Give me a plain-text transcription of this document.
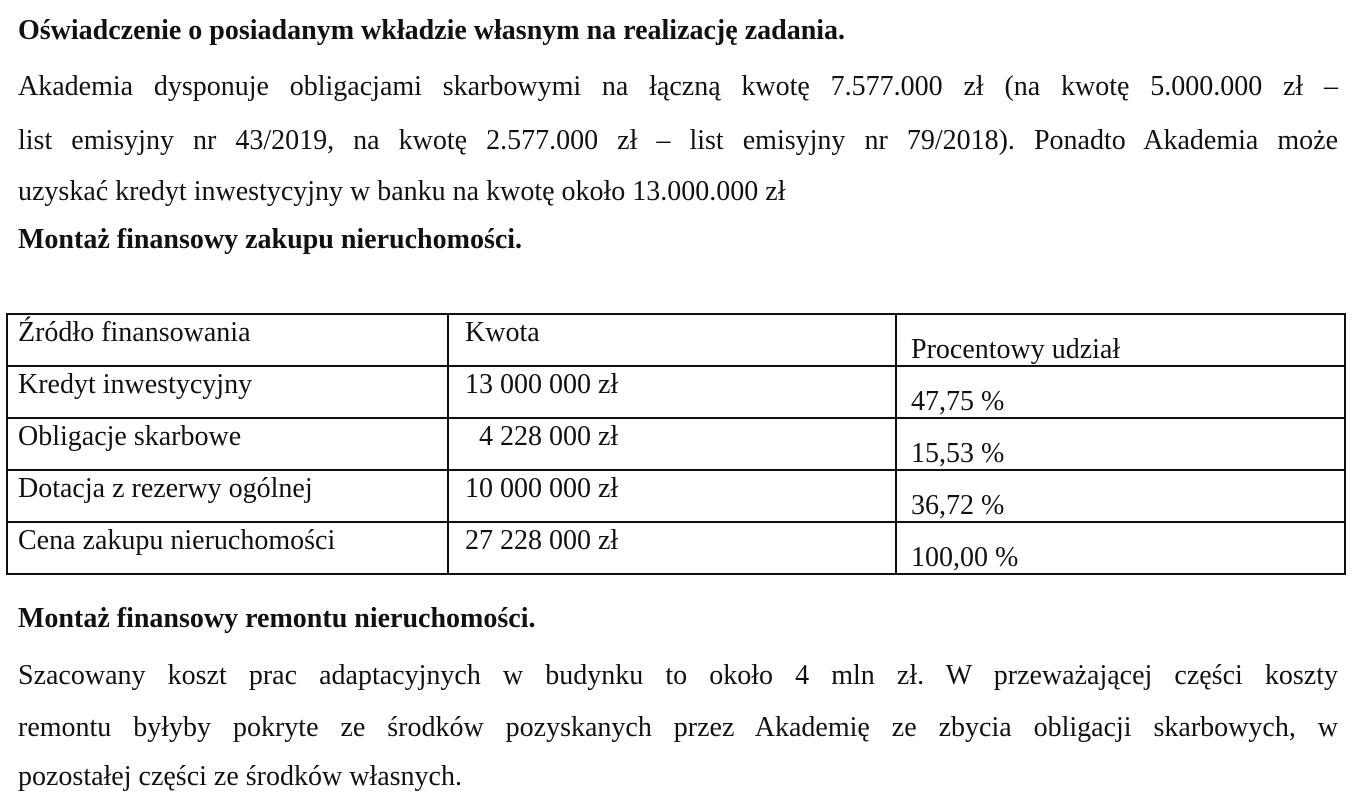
Oświadczenie o posiadanym wkładzie własnym na realizację zadania.
Akademia dysponuje obligacjami skarbowymi na łączną kwotę 7.577.000 zł (na kwotę 5.000.000 zł –
list emisyjny nr 43/2019, na kwotę 2.577.000 zł – list emisyjny nr 79/2018). Ponadto Akademia może
uzyskać kredyt inwestycyjny w banku na kwotę około 13.000.000 zł
Montaż finansowy zakupu nieruchomości.
Źródło finansowania	Kwota	Procentowy udział
Kredyt inwestycyjny	13 000 000 zł	47,75 %
Obligacje skarbowe	4 228 000 zł	15,53 %
Dotacja z rezerwy ogólnej	10 000 000 zł	36,72 %
Cena zakupu nieruchomości	27 228 000 zł	100,00 %
Montaż finansowy remontu nieruchomości.
Szacowany koszt prac adaptacyjnych w budynku to około 4 mln zł. W przeważającej części koszty
remontu byłyby pokryte ze środków pozyskanych przez Akademię ze zbycia obligacji skarbowych, w
pozostałej części ze środków własnych.
